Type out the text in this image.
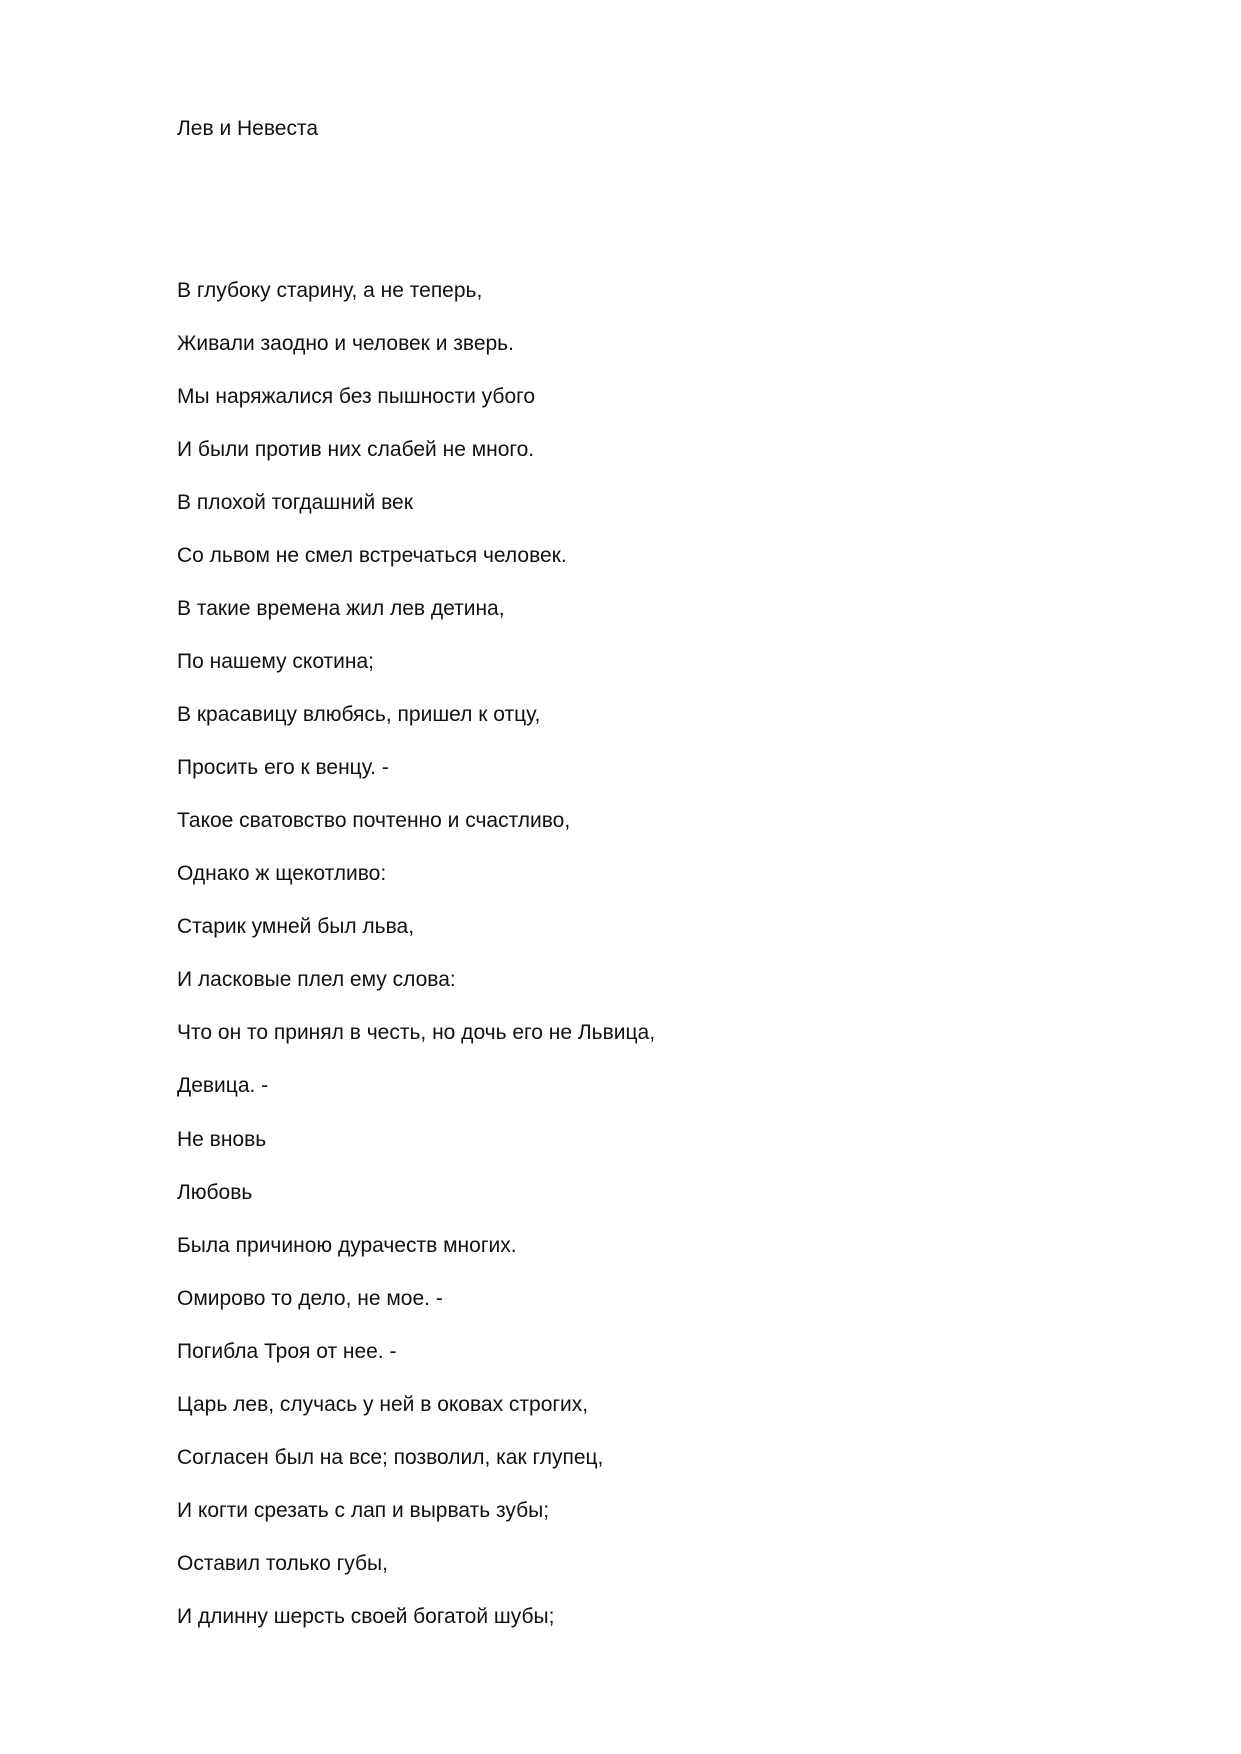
Лев и Невеста
В глубоку старину, а не теперь,
Живали заодно и человек и зверь.
Мы наряжалися без пышности убого
И были против них слабей не много.
В плохой тогдашний век
Со львом не смел встречаться человек.
В такие времена жил лев детина,
По нашему скотина;
В красавицу влюбясь, пришел к отцу,
Просить его к венцу. -
Такое сватовство почтенно и счастливо,
Однако ж щекотливо:
Старик умней был льва,
И ласковые плел ему слова:
Что он то принял в честь, но дочь его не Львица,
Девица. -
Не вновь
Любовь
Была причиною дурачеств многих.
Омирово то дело, не мое. -
Погибла Троя от нее. -
Царь лев, случась у ней в оковах строгих,
Согласен был на все; позволил, как глупец,
И когти срезать с лап и вырвать зубы;
Оставил только губы,
И длинну шерсть своей богатой шубы;
